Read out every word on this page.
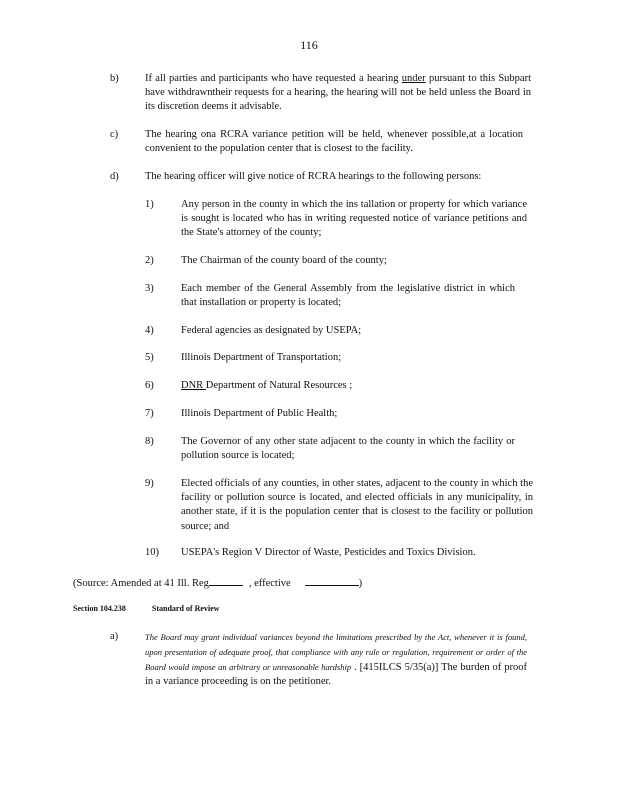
116
b)	If all parties and participants who have requested a hearing under pursuant to this Subpart have withdrawntheir requests for a hearing, the hearing will not be held unless the Board in its discretion deems it advisable.
c)	The hearing ona RCRA variance petition will be held, whenever possible,at a location convenient to the population center that is closest to the facility.
d)	The hearing officer will give notice of RCRA hearings to the following persons:
1)	Any person in the county in which the ins tallation or property for which variance is sought is located who has in writing requested notice of variance petitions and the State's attorney of the county;
2)	The Chairman of the county board of the county;
3)	Each member of the General Assembly from the legislative district in which that installation or property is located;
4)	Federal agencies as designated by USEPA;
5)	Illinois Department of Transportation;
6)	DNR Department of Natural Resources ;
7)	Illinois Department of Public Health;
8)	The Governor of any other state adjacent to the county in which the facility or pollution source is located;
9)	Elected officials of any counties, in other states, adjacent to the county in which the facility or pollution source is located, and elected officials in any municipality, in another state, if it is the population center that is closest to the facility or pollution source; and
10) USEPA's Region V Director of Waste, Pesticides and Toxics Division.
(Source: Amended at 41 Ill. Reg	, effective	)
Section 104.238	Standard of Review
a)	The Board may grant individual variances beyond the limitations prescribed by the Act, whenever it is found, upon presentation of adequate proof, that compliance with any rule or regulation, requirement or order of the Board would impose an arbitrary or unreasonable hardship . [415ILCS 5/35(a)] The burden of proof in a variance proceeding is on the petitioner.
